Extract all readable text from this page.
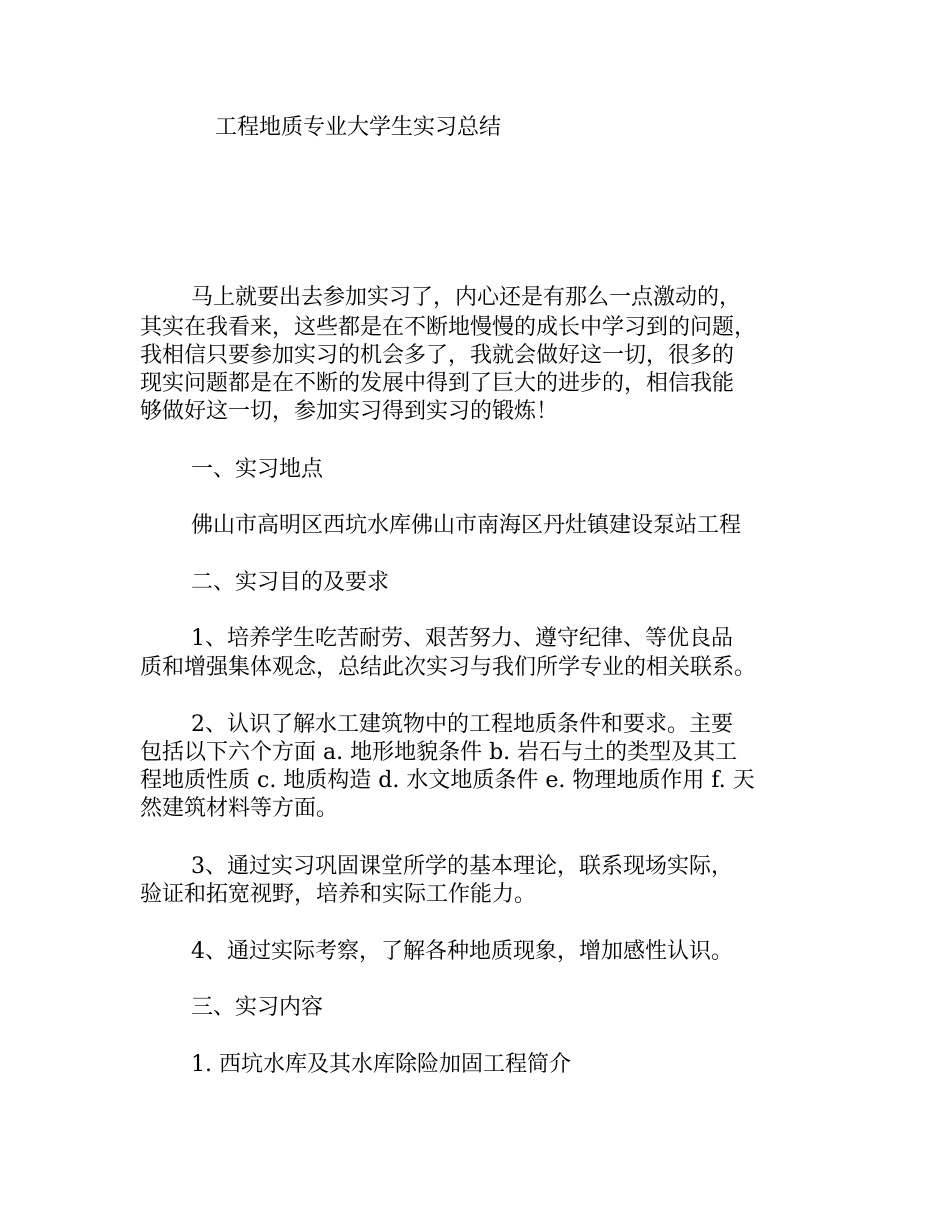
工程地质专业大学生实习总结

马上就要出去参加实习了，内心还是有那么一点激动的，

其实在我看来，这些都是在不断地慢慢的成长中学习到的问题，

我相信只要参加实习的机会多了，我就会做好这一切，很多的

现实问题都是在不断的发展中得到了巨大的进步的，相信我能

够做好这一切，参加实习得到实习的锻炼！

一、实习地点

佛山市高明区西坑水库佛山市南海区丹灶镇建设泵站工程

二、实习目的及要求

1、培养学生吃苦耐劳、艰苦努力、遵守纪律、等优良品

质和增强集体观念，总结此次实习与我们所学专业的相关联系。

2、认识了解水工建筑物中的工程地质条件和要求。主要

包括以下六个方面 a. 地形地貌条件 b. 岩石与土的类型及其工

程地质性质 c. 地质构造 d. 水文地质条件 e. 物理地质作用 f. 天

然建筑材料等方面。

3、通过实习巩固课堂所学的基本理论，联系现场实际，

验证和拓宽视野，培养和实际工作能力。

4、通过实际考察，了解各种地质现象，增加感性认识。

三、实习内容

1. 西坑水库及其水库除险加固工程简介
